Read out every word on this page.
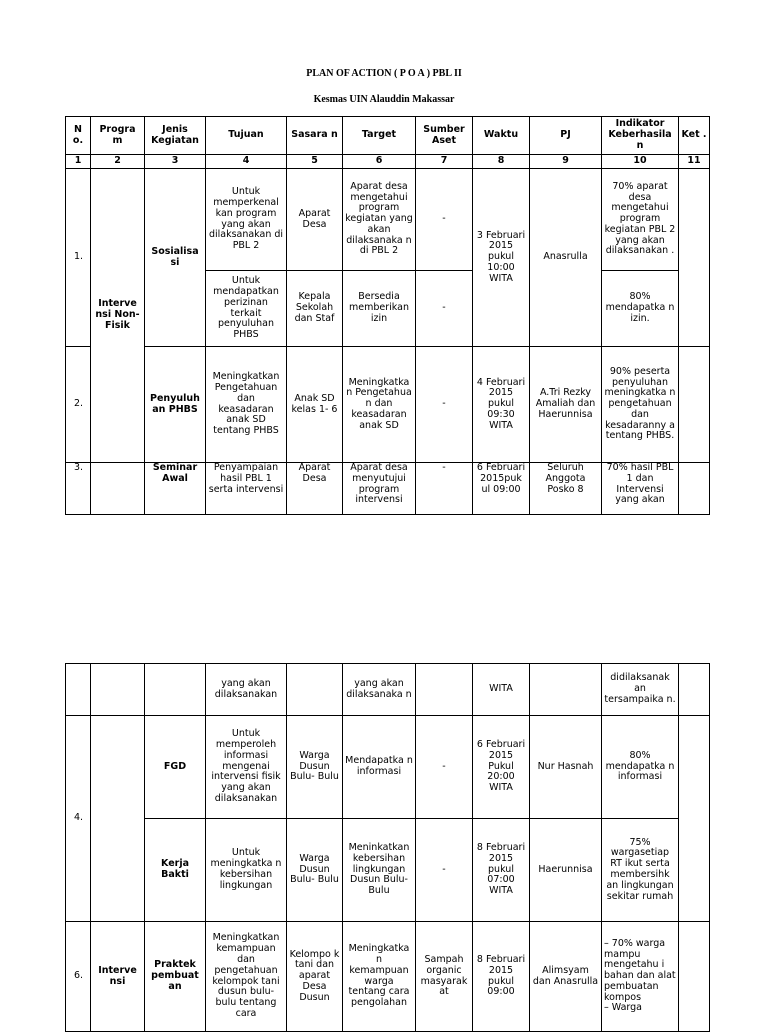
PLAN OF ACTION ( P O A ) PBL II
Kesmas UIN Alauddin Makassar
N o.	Progra m	Jenis Kegiatan	Tujuan	Sasara n	Target	Sumber Aset	Waktu	PJ	Indikator Keberhasila n	Ket .
1	2	3	4	5	6	7	8	9	10	11
1.	Interve nsi Non- Fisik	Sosialisa si	Untuk memperkenal kan program yang akan dilaksanakan di PBL 2	Aparat Desa	Aparat desa mengetahui program kegiatan yang akan dilaksanaka n di PBL 2	-	3 Februari 2015 pukul 10:00 WITA	Anasrulla	70% aparat desa mengetahui program kegiatan PBL 2 yang akan dilaksanakan .	
			Untuk mendapatkan perizinan terkait penyuluhan PHBS	Kepala Sekolah dan Staf	Bersedia memberikan izin	-			80% mendapatka n izin.	
2.		Penyuluh an PHBS	Meningkatkan Pengetahuan dan keasadaran anak SD tentang PHBS	Anak SD kelas 1- 6	Meningkatka n Pengetahua n dan keasadaran anak SD	-	4 Februari 2015 pukul 09:30 WITA	A.Tri Rezky Amaliah dan Haerunnisa	90% peserta penyuluhan meningkatka n pengetahuan dan kesadaranny a tentang PHBS.	
3.		Seminar Awal	Penyampaian hasil PBL 1 serta intervensi	Aparat Desa	Aparat desa menyutujui program intervensi	-	6 Februari 2015puk ul 09:00	Seluruh Anggota Posko 8	70% hasil PBL 1 dan Intervensi yang akan	
			yang akan dilaksanakan		yang akan dilaksanaka n		WITA		didilaksanak an tersampaika n.	
4.		FGD	Untuk memperoleh informasi mengenai intervensi fisik yang akan dilaksanakan	Warga Dusun Bulu- Bulu	Mendapatka n informasi	-	6 Februari 2015 Pukul 20:00 WITA	Nur Hasnah	80% mendapatka n informasi	
		Kerja Bakti	Untuk meningkatka n kebersihan lingkungan	Warga Dusun Bulu- Bulu	Meninkatkan kebersihan lingkungan Dusun Bulu- Bulu	-	8 Februari 2015 pukul 07:00 WITA	Haerunnisa	75% wargasetiap RT ikut serta membersihk an lingkungan sekitar rumah	
6.	Interve nsi	Praktek pembuat an	Meningkatkan kemampuan dan pengetahuan kelompok tani dusun bulu- bulu tentang cara	Kelompo k tani dan aparat Desa Dusun	Meningkatka n kemampuan warga tentang cara pengolahan	Sampah organic masyarak at	8 Februari 2015 pukul 09:00	Alimsyam dan Anasrulla	– 70% warga mampu mengetahu i bahan dan alat pembuatan kompos
– Warga	
